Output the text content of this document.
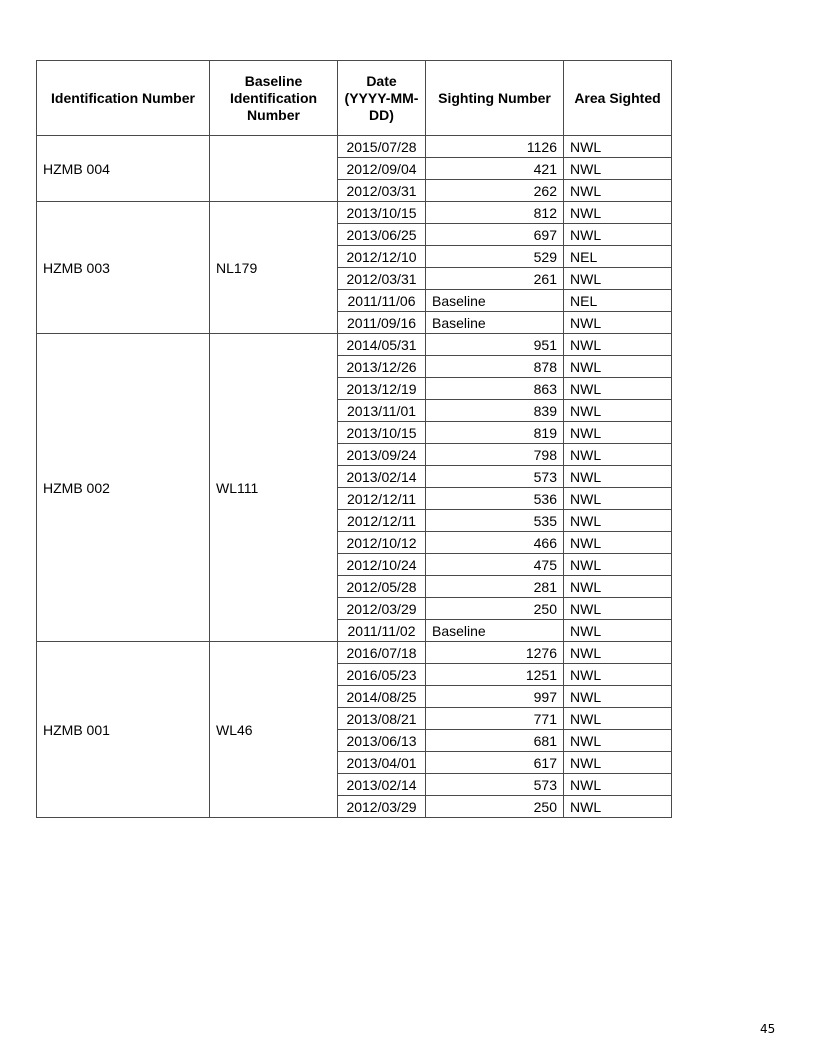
Identification Number	Baseline Identification Number	Date (YYYY-MM-DD)	Sighting Number	Area Sighted
HZMB 004		2015/07/28	1126	NWL
		2012/09/04	421	NWL
		2012/03/31	262	NWL
HZMB 003	NL179	2013/10/15	812	NWL
		2013/06/25	697	NWL
		2012/12/10	529	NEL
		2012/03/31	261	NWL
		2011/11/06	Baseline	NEL
		2011/09/16	Baseline	NWL
HZMB 002	WL111	2014/05/31	951	NWL
		2013/12/26	878	NWL
		2013/12/19	863	NWL
		2013/11/01	839	NWL
		2013/10/15	819	NWL
		2013/09/24	798	NWL
		2013/02/14	573	NWL
		2012/12/11	536	NWL
		2012/12/11	535	NWL
		2012/10/12	466	NWL
		2012/10/24	475	NWL
		2012/05/28	281	NWL
		2012/03/29	250	NWL
		2011/11/02	Baseline	NWL
HZMB 001	WL46	2016/07/18	1276	NWL
		2016/05/23	1251	NWL
		2014/08/25	997	NWL
		2013/08/21	771	NWL
		2013/06/13	681	NWL
		2013/04/01	617	NWL
		2013/02/14	573	NWL
		2012/03/29	250	NWL
45
